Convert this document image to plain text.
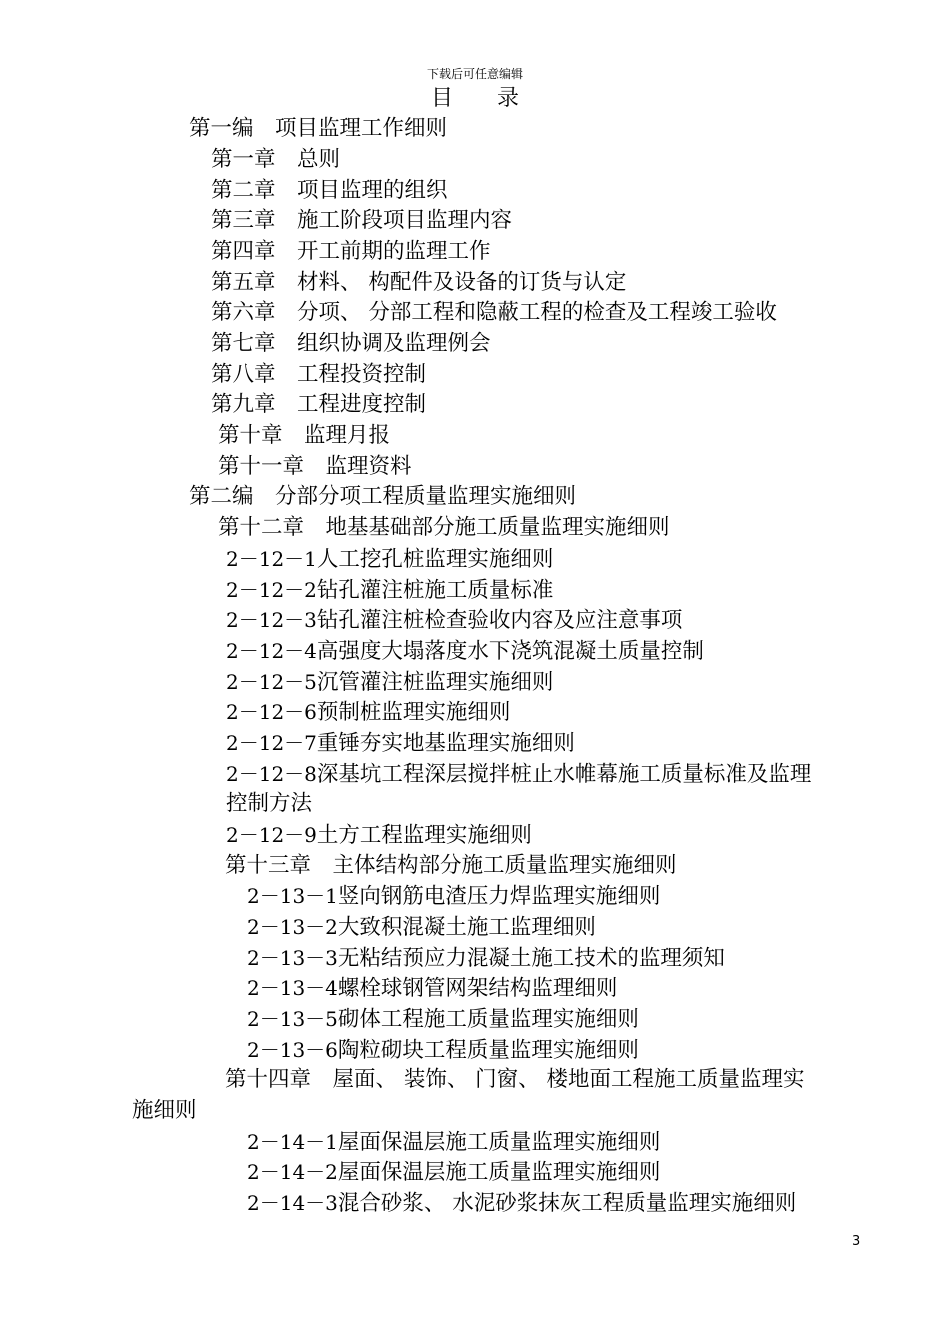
下载后可任意编辑
目 录
第一编　项目监理工作细则
第一章　总则
第二章　项目监理的组织
第三章　施工阶段项目监理内容
第四章　开工前期的监理工作
第五章　材料、 构配件及设备的订货与认定
第六章　分项、 分部工程和隐蔽工程的检查及工程竣工验收
第七章　组织协调及监理例会
第八章　工程投资控制
第九章　工程进度控制
第十章　监理月报
第十一章　监理资料
第二编　分部分项工程质量监理实施细则
第十二章　地基基础部分施工质量监理实施细则
2－12－1人工挖孔桩监理实施细则
2－12－2钻孔灌注桩施工质量标准
2－12－3钻孔灌注桩检查验收内容及应注意事项
2－12－4高强度大塌落度水下浇筑混凝土质量控制
2－12－5沉管灌注桩监理实施细则
2－12－6预制桩监理实施细则
2－12－7重锤夯实地基监理实施细则
2－12－8深基坑工程深层搅拌桩止水帷幕施工质量标准及监理
控制方法
2－12－9土方工程监理实施细则
第十三章　主体结构部分施工质量监理实施细则
2－13－1竖向钢筋电渣压力焊监理实施细则
2－13－2大致积混凝土施工监理细则
2－13－3无粘结预应力混凝土施工技术的监理须知
2－13－4螺栓球钢管网架结构监理细则
2－13－5砌体工程施工质量监理实施细则
2－13－6陶粒砌块工程质量监理实施细则
第十四章　屋面、 装饰、 门窗、 楼地面工程施工质量监理实
施细则
2－14－1屋面保温层施工质量监理实施细则
2－14－2屋面保温层施工质量监理实施细则
2－14－3混合砂浆、 水泥砂浆抹灰工程质量监理实施细则
3
